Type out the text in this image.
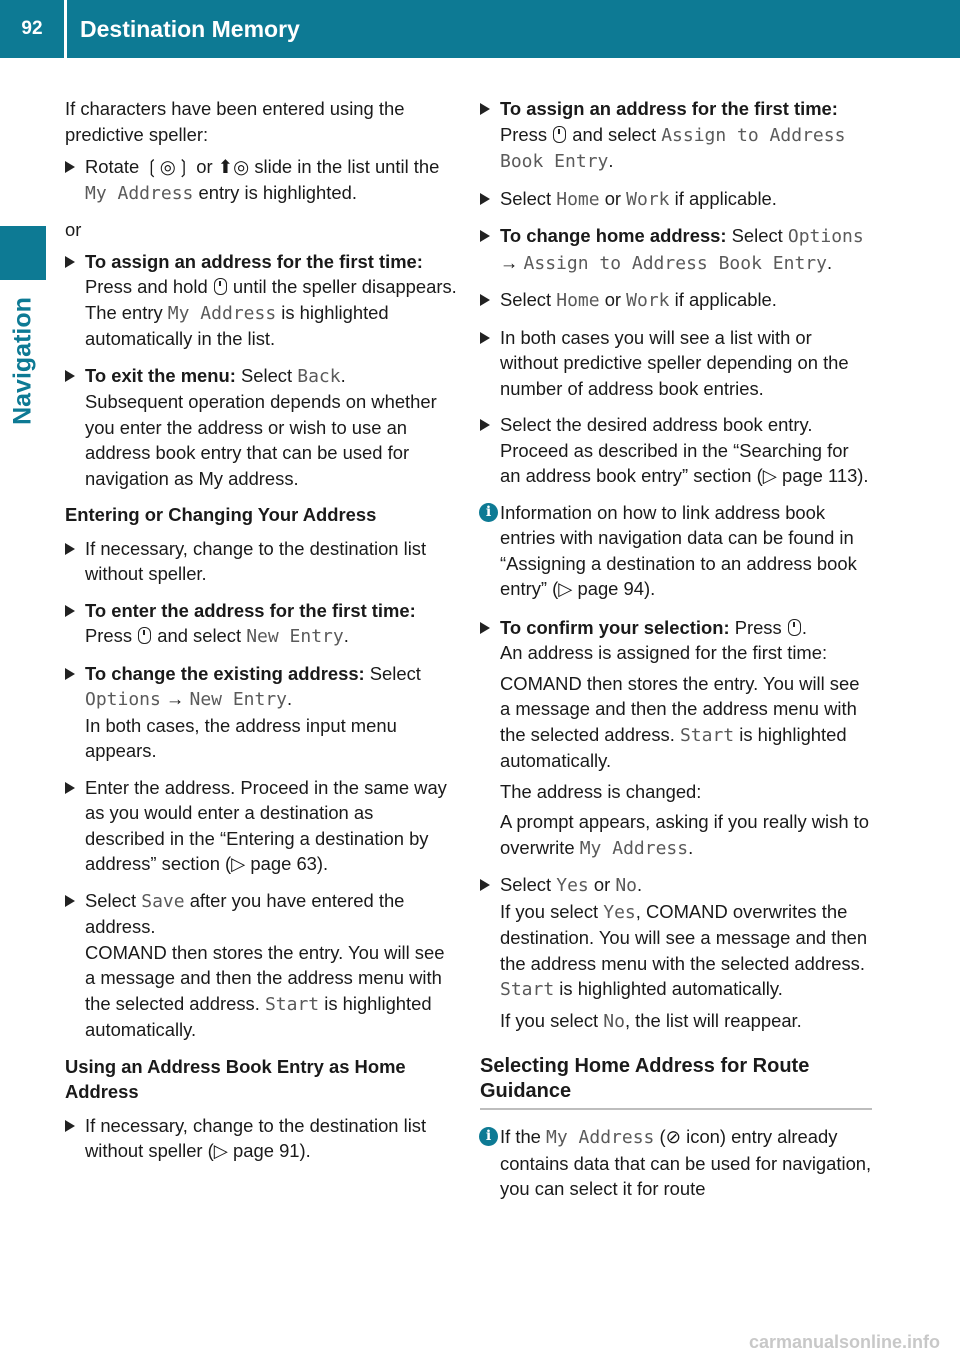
92	Destination Memory
Navigation

If characters have been entered using the predictive speller:

Rotate ❲◎❳ or ⬆◎ slide in the list until the My Address entry is highlighted.

or

To assign an address for the first time:
Press and hold  until the speller disappears.
The entry My Address is highlighted automatically in the list.
To exit the menu: Select Back.
Subsequent operation depends on whether you enter the address or wish to use an address book entry that can be used for navigation as My address.

Entering or Changing Your Address

If necessary, change to the destination list without speller.
To enter the address for the first time:
Press  and select New Entry.
To change the existing address: Select
Options → New Entry.
In both cases, the address input menu appears.
Enter the address. Proceed in the same way as you would enter a destination as described in the “Entering a destination by address” section (▷ page 63).
Select Save after you have entered the address.
COMAND then stores the entry. You will see a message and then the address menu with the selected address. Start is highlighted automatically.

Using an Address Book Entry as Home Address

If necessary, change to the destination list without speller (▷ page 91).
To assign an address for the first time:
Press  and select Assign to Address Book Entry.
Select Home or Work if applicable.
To change home address: Select Options → Assign to Address Book Entry.
Select Home or Work if applicable.
In both cases you will see a list with or without predictive speller depending on the number of address book entries.
Select the desired address book entry. Proceed as described in the “Searching for an address book entry” section (▷ page 113).
i Information on how to link address book entries with navigation data can be found in “Assigning a destination to an address book entry” (▷ page 94).
To confirm your selection: Press .

An address is assigned for the first time:

COMAND then stores the entry. You will see a message and then the address menu with the selected address. Start is highlighted automatically.

The address is changed:

A prompt appears, asking if you really wish to overwrite My Address.

Select Yes or No.

If you select Yes, COMAND overwrites the destination. You will see a message and then the address menu with the selected address. Start is highlighted automatically.

If you select No, the list will reappear.

Selecting Home Address for Route Guidance

i If the My Address (⊘ icon) entry already contains data that can be used for navigation, you can select it for route
carmanualsonline.info
